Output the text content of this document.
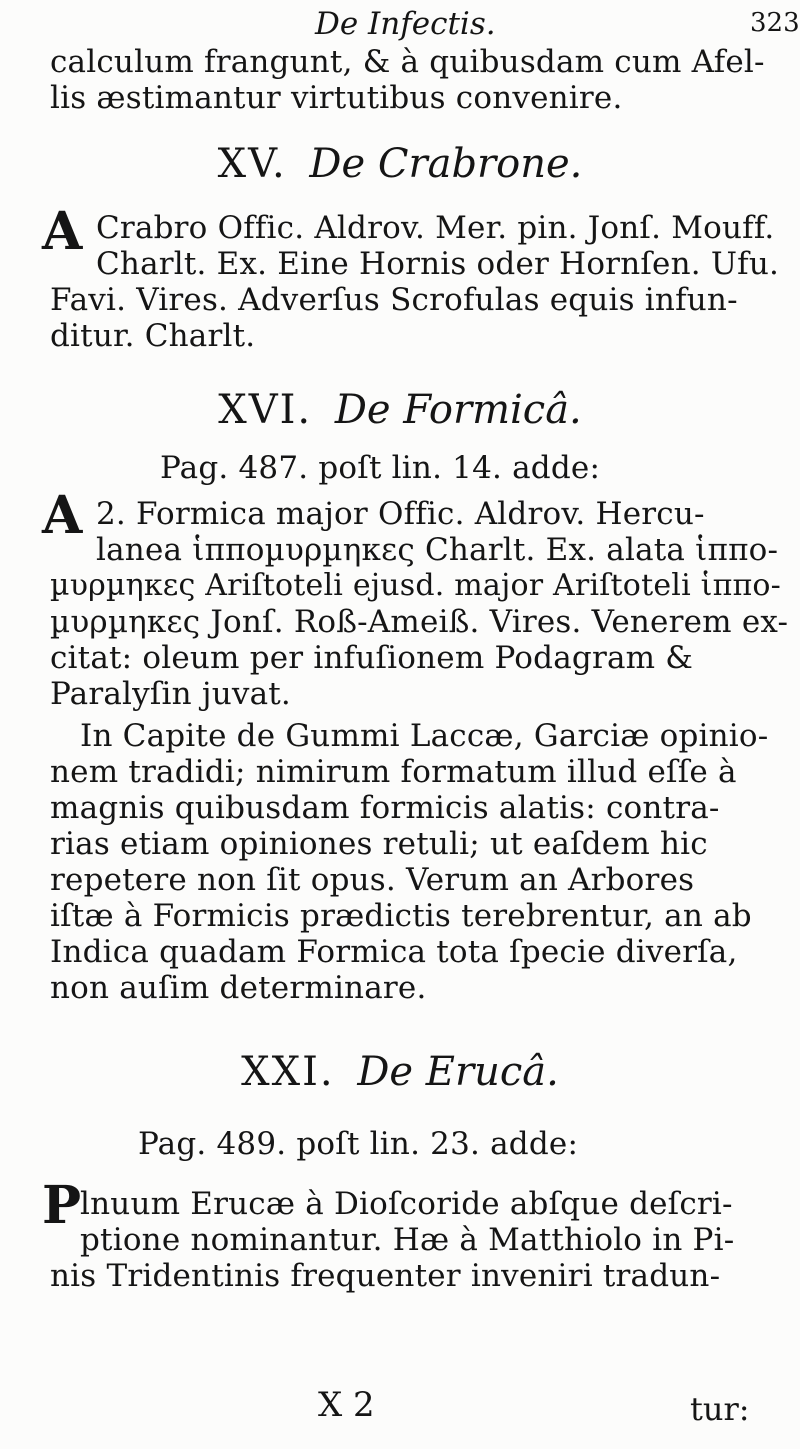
De Infectis.	323
calculum frangunt, & à quibusdam cum Afel-
lis æstimantur virtutibus convenire.
XV. De Crabrone.
A Crabro Offic. Aldrov. Mer. pin. Jonſ. Mouff.
Charlt. Ex. Eine Hornis oder Hornſen. Ufu.
Favi. Vires. Adverſus Scrofulas equis infun-
ditur. Charlt.
XVI. De Formicâ.
Pag. 487. poſt lin. 14. adde:
A 2. Formica major Offic. Aldrov. Hercu-
lanea ἱπποµυρµηκες Charlt. Ex. alata ἱππο-
µυρµηκες Ariſtoteli ejusd. major Ariſtoteli ἱππο-
µυρµηκες Jonſ. Roß-Ameiß. Vires. Venerem ex-
citat: oleum per infuſionem Podagram &
Paralyſin juvat.
In Capite de Gummi Laccæ, Garciæ opinio-
nem tradidi; nimirum formatum illud eſſe à
magnis quibusdam formicis alatis: contra-
rias etiam opiniones retuli; ut eaſdem hic
repetere non ſit opus. Verum an Arbores
iſtæ à Formicis prædictis terebrentur, an ab
Indica quadam Formica tota ſpecie diverſa,
non auſim determinare.
XXI. De Erucâ.
Pag. 489. poſt lin. 23. adde:
P
lnuum Erucæ à Dioſcoride abſque deſcri-
ptione nominantur. Hæ à Matthiolo in Pi-
nis Tridentinis frequenter inveniri tradun-
X 2	tur:
